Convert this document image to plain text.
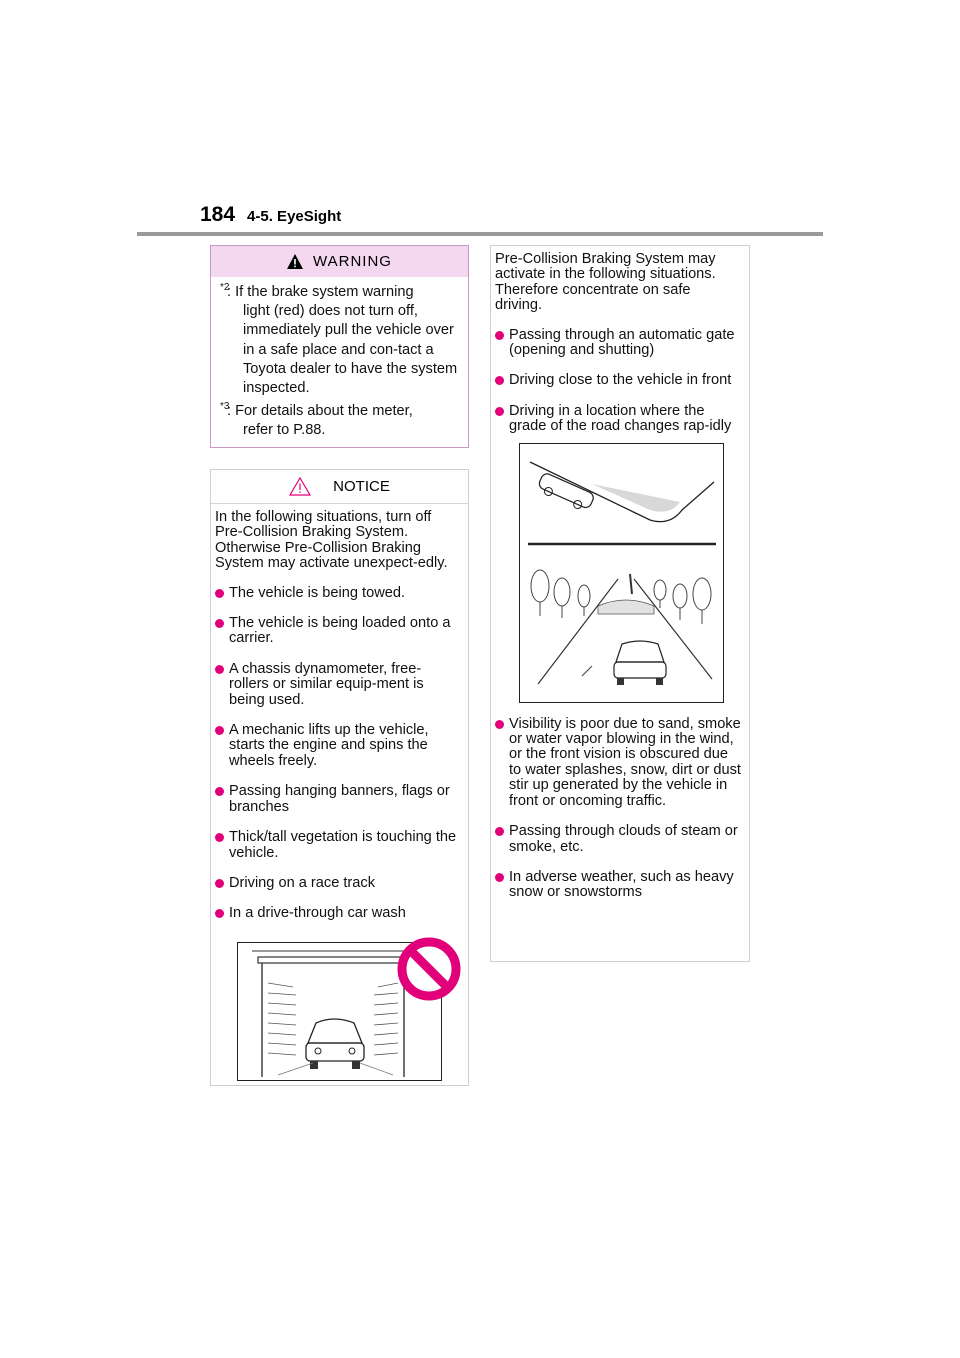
184 4-5. EyeSight
WARNING
*2
: If the brake system warning
light (red) does not turn off, immediately pull the vehicle over in a safe place and con-tact a Toyota dealer to have the system inspected.
*3
: For details about the meter,
refer to P.88.
NOTICE

In the following situations, turn off Pre-Collision Braking System. Otherwise Pre-Collision Braking System may activate unexpect-edly.

The vehicle is being towed.
The vehicle is being loaded onto a carrier.
A chassis dynamometer, free-rollers or similar equip-ment is being used.
A mechanic lifts up the vehicle, starts the engine and spins the wheels freely.
Passing hanging banners, flags or branches
Thick/tall vegetation is touching the vehicle.
Driving on a race track
In a drive-through car wash

Pre-Collision Braking System may activate in the following situations. Therefore concentrate on safe driving.

Passing through an automatic gate (opening and shutting)
Driving close to the vehicle in front
Driving in a location where the grade of the road changes rap-idly
Visibility is poor due to sand, smoke or water vapor blowing in the wind, or the front vision is obscured due to water splashes, snow, dirt or dust stir up generated by the vehicle in front or oncoming traffic.
Passing through clouds of steam or smoke, etc.
In adverse weather, such as heavy snow or snowstorms
